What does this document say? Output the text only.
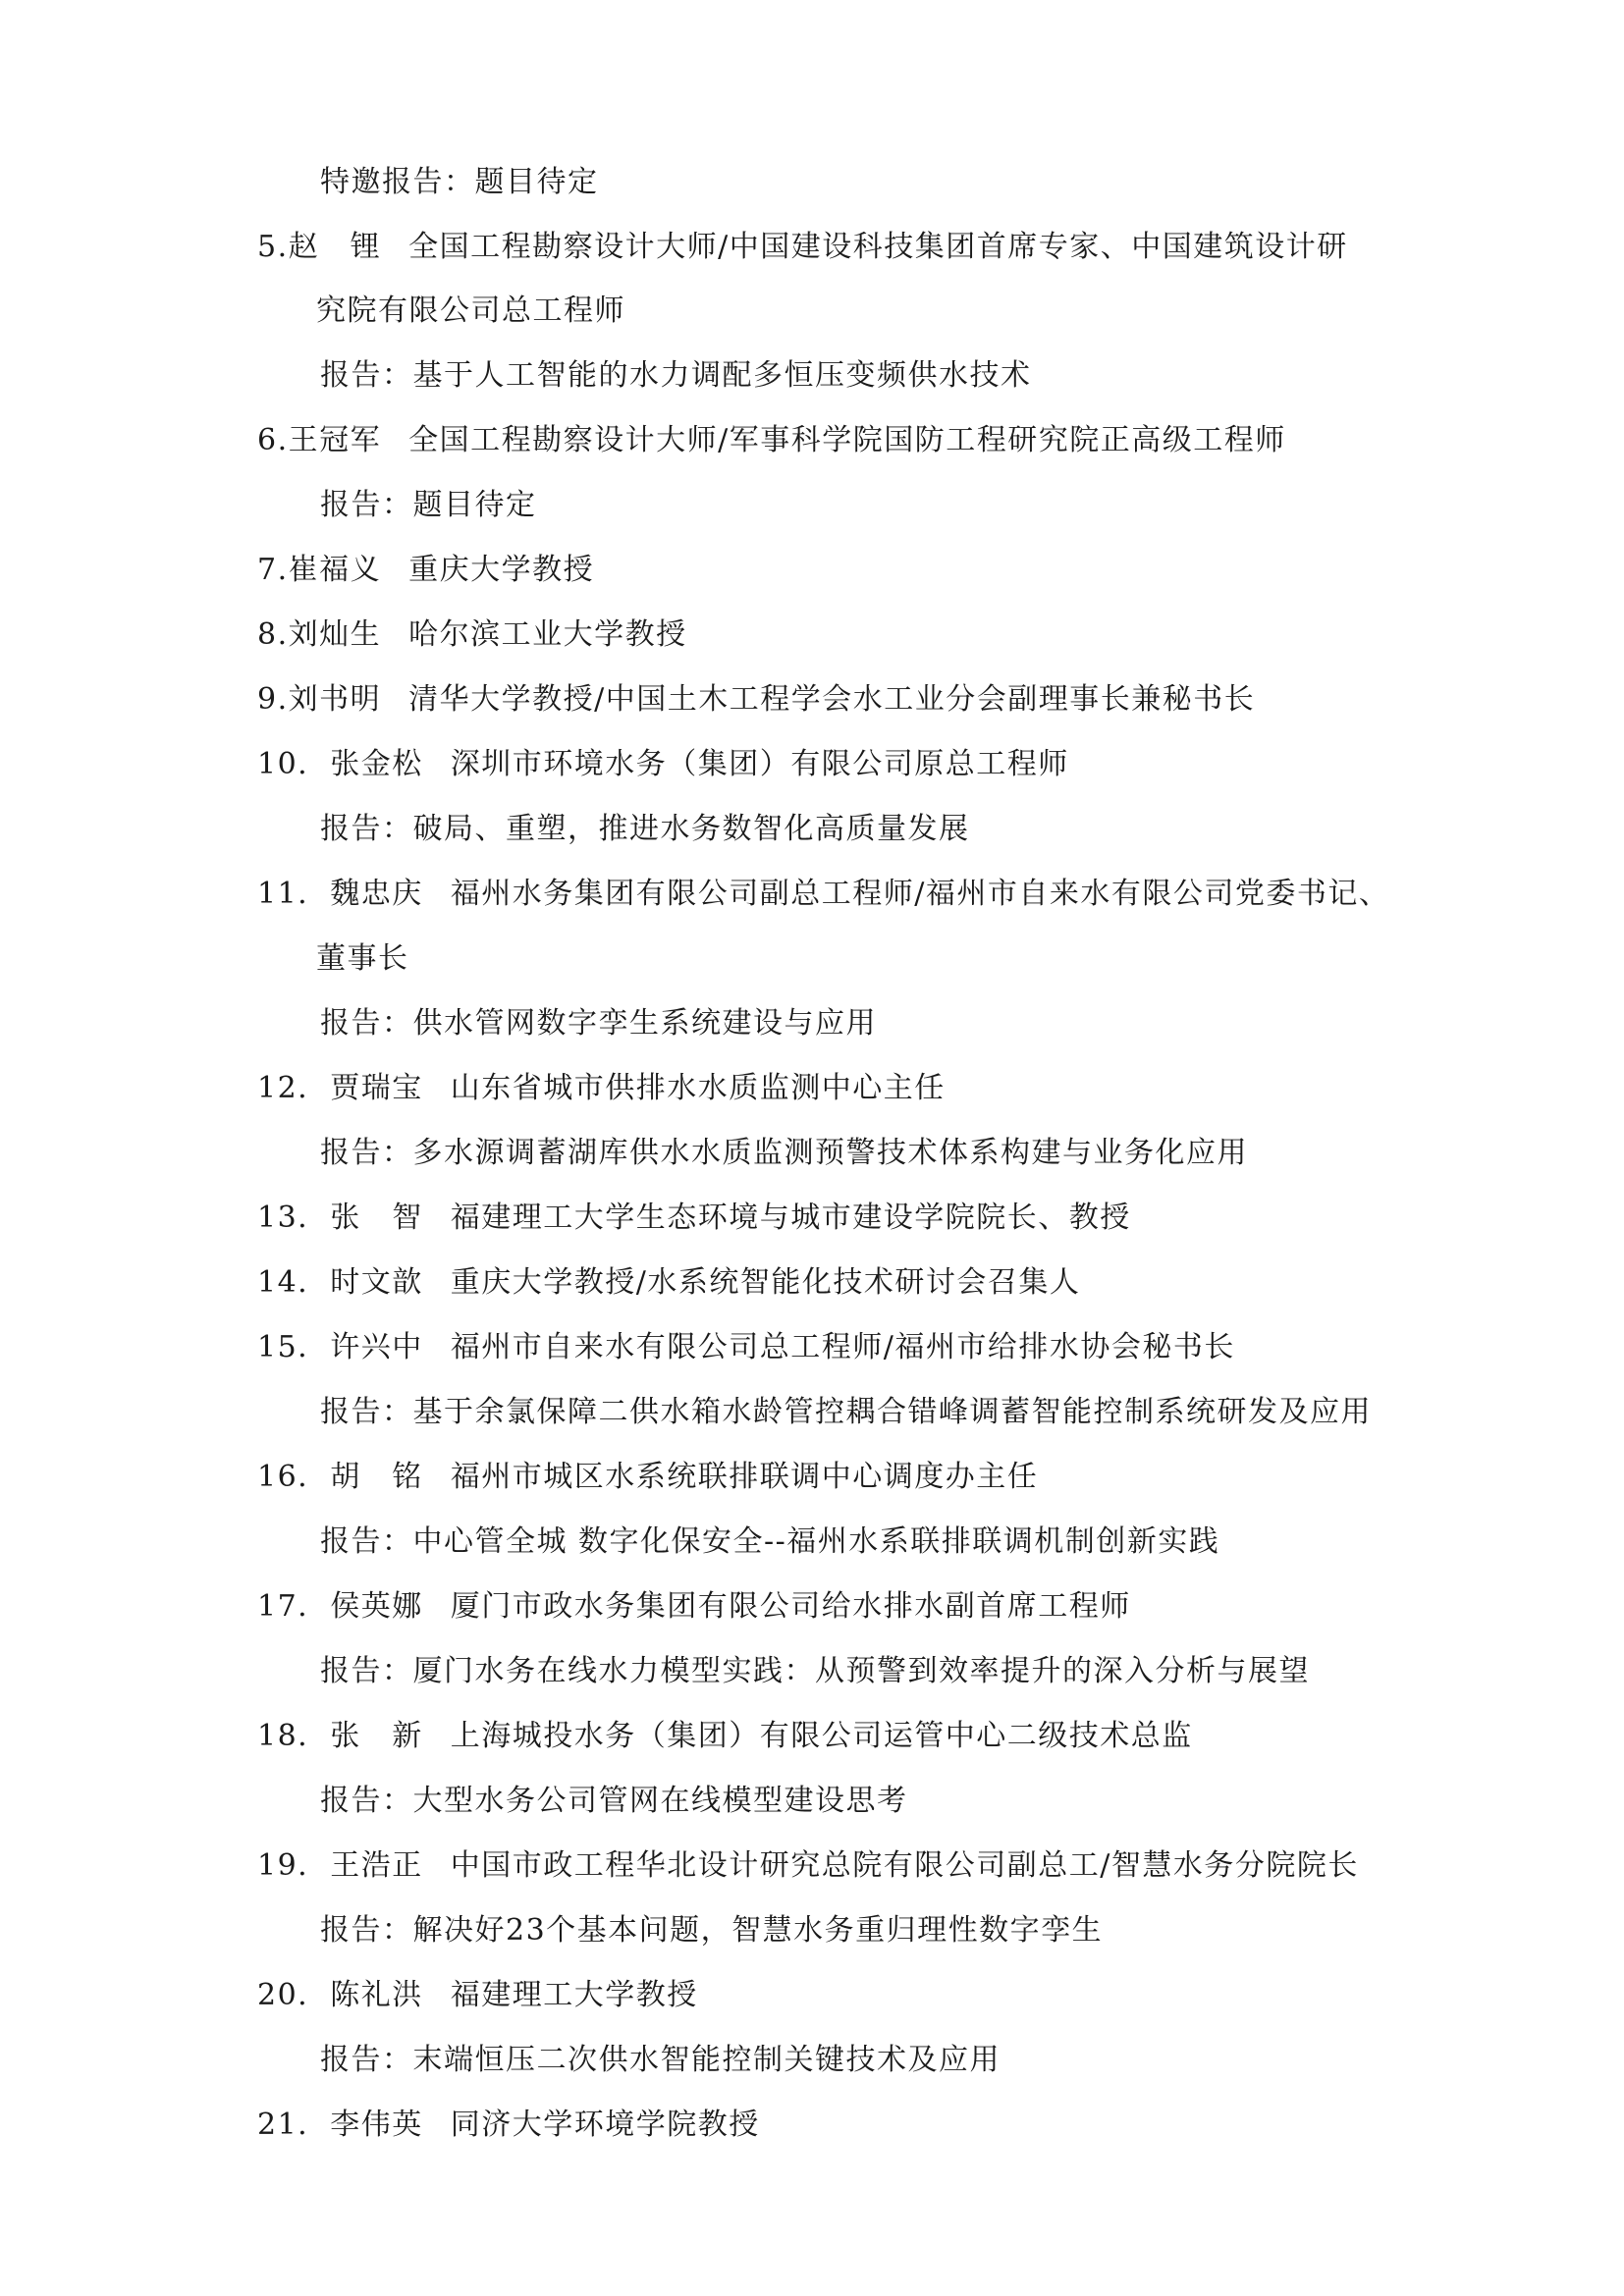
特邀报告：题目待定
5.赵　锂 全国工程勘察设计大师/中国建设科技集团首席专家、中国建筑设计研
究院有限公司总工程师
报告：基于人工智能的水力调配多恒压变频供水技术
6.王冠军 全国工程勘察设计大师/军事科学院国防工程研究院正高级工程师
报告：题目待定
7.崔福义 重庆大学教授
8.刘灿生 哈尔滨工业大学教授
9.刘书明 清华大学教授/中国土木工程学会水工业分会副理事长兼秘书长
10. 张金松 深圳市环境水务（集团）有限公司原总工程师
报告：破局、重塑，推进水务数智化高质量发展
11. 魏忠庆 福州水务集团有限公司副总工程师/福州市自来水有限公司党委书记、
董事长
报告：供水管网数字孪生系统建设与应用
12. 贾瑞宝 山东省城市供排水水质监测中心主任
报告：多水源调蓄湖库供水水质监测预警技术体系构建与业务化应用
13. 张　智 福建理工大学生态环境与城市建设学院院长、教授
14. 时文歆 重庆大学教授/水系统智能化技术研讨会召集人
15. 许兴中 福州市自来水有限公司总工程师/福州市给排水协会秘书长
报告：基于余氯保障二供水箱水龄管控耦合错峰调蓄智能控制系统研发及应用
16. 胡　铭 福州市城区水系统联排联调中心调度办主任
报告：中心管全城 数字化保安全--福州水系联排联调机制创新实践
17. 侯英娜 厦门市政水务集团有限公司给水排水副首席工程师
报告：厦门水务在线水力模型实践：从预警到效率提升的深入分析与展望
18. 张　新 上海城投水务（集团）有限公司运管中心二级技术总监
报告：大型水务公司管网在线模型建设思考
19. 王浩正 中国市政工程华北设计研究总院有限公司副总工/智慧水务分院院长
报告：解决好23个基本问题，智慧水务重归理性数字孪生
20. 陈礼洪 福建理工大学教授
报告：末端恒压二次供水智能控制关键技术及应用
21. 李伟英 同济大学环境学院教授
